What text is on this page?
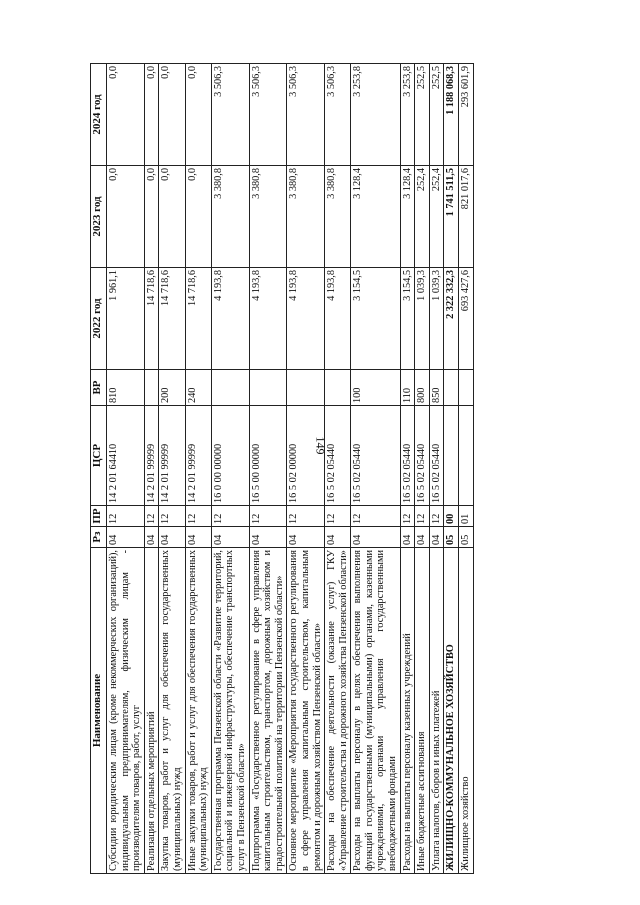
149
Наименование	Рз	ПР	ЦСР	ВР	2022 год	2023 год	2024 год
Субсидии юридическим лицам (кроме некоммерческих организаций), индивидуальным предпринимателям, физическим лицам - производителям товаров, работ, услуг	04	12	14 2 01 64410	810	1 961,1	0,0	0,0
Реализация отдельных мероприятий	04	12	14 2 01 99999		14 718,6	0,0	0,0
Закупка товаров, работ и услуг для обеспечения государственных (муниципальных) нужд	04	12	14 2 01 99999	200	14 718,6	0,0	0,0
Иные закупки товаров, работ и услуг для обеспечения государственных (муниципальных) нужд	04	12	14 2 01 99999	240	14 718,6	0,0	0,0
Государственная программа Пензенской области «Развитие территорий, социальной и инженерной инфраструктуры, обеспечение транспортных услуг в Пензенской области»	04	12	16 0 00 00000		4 193,8	3 380,8	3 506,3
Подпрограмма «Государственное регулирование в сфере управления капитальным строительством, транспортом, дорожным хозяйством и градостроительной политикой на территории Пензенской области»	04	12	16 5 00 00000		4 193,8	3 380,8	3 506,3
Основное мероприятие «Мероприятия государственного регулирования в сфере управления капитальным строительством, капитальным ремонтом и дорожным хозяйством Пензенской области»	04	12	16 5 02 00000		4 193,8	3 380,8	3 506,3
Расходы на обеспечение деятельности (оказание услуг) ГКУ «Управление строительства и дорожного хозяйства Пензенской области»	04	12	16 5 02 05440		4 193,8	3 380,8	3 506,3
Расходы на выплаты персоналу в целях обеспечения выполнения функций государственными (муниципальными) органами, казенными учреждениями, органами управления государственными внебюджетными фондами	04	12	16 5 02 05440	100	3 154,5	3 128,4	3 253,8
Расходы на выплаты персоналу казенных учреждений	04	12	16 5 02 05440	110	3 154,5	3 128,4	3 253,8
Иные бюджетные ассигнования	04	12	16 5 02 05440	800	1 039,3	252,4	252,5
Уплата налогов, сборов и иных платежей	04	12	16 5 02 05440	850	1 039,3	252,4	252,5
ЖИЛИЩНО-КОММУНАЛЬНОЕ ХОЗЯЙСТВО	05	00			2 322 332,3	1 741 511,5	1 188 068,3
Жилищное хозяйство	05	01			693 427,6	821 017,6	293 601,9
